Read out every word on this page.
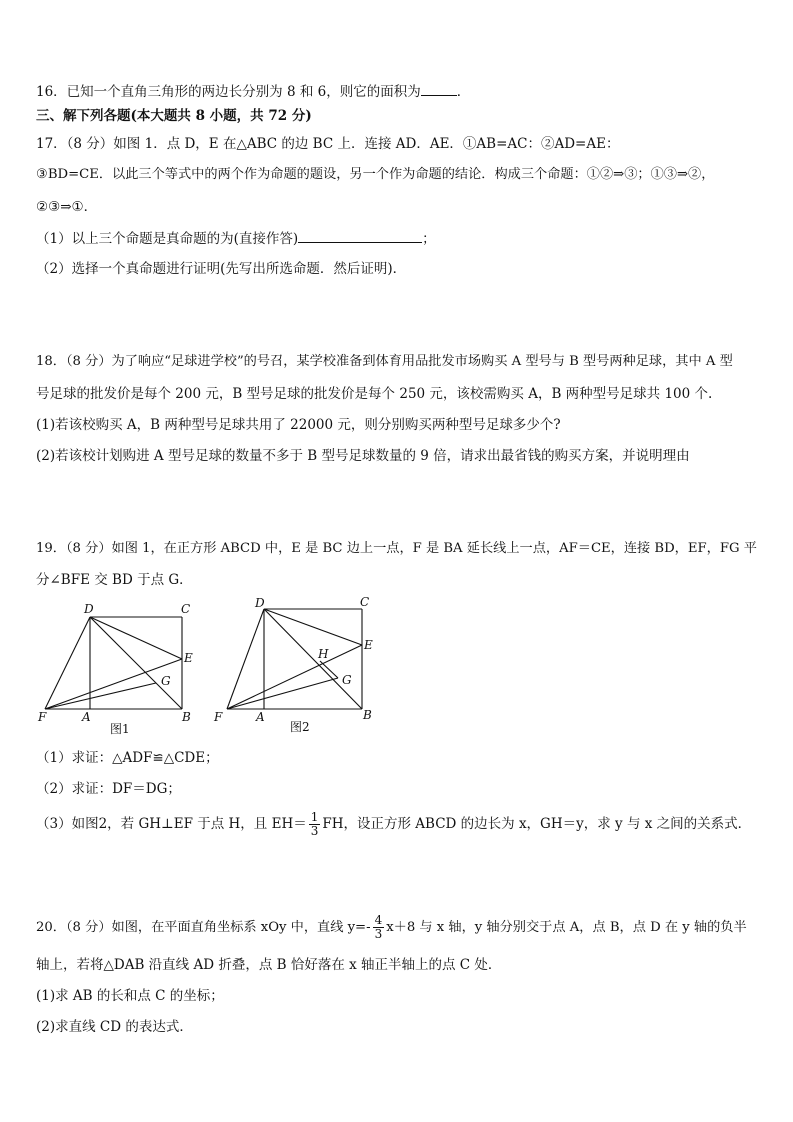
16．已知一个直角三角形的两边长分别为 8 和 6，则它的面积为	．
三、解下列各题(本大题共 8 小题，共 72 分)
17．（8 分）如图 1．点 D，E 在△ABC 的边 BC 上．连接 AD．AE．①AB=AC：②AD=AE：
③BD=CE．以此三个等式中的两个作为命题的题设，另一个作为命题的结论．构成三个命题：①②⇒③；①③⇒②，
②③⇒①．
（1）以上三个命题是真命题的为(直接作答)	；
（2）选择一个真命题进行证明(先写出所选命题．然后证明)．
18．（8 分）为了响应“足球进学校”的号召，某学校准备到体育用品批发市场购买 A 型号与 B 型号两种足球，其中 A 型
号足球的批发价是每个 200 元，B 型号足球的批发价是每个 250 元，该校需购买 A，B 两种型号足球共 100 个.
(1)若该校购买 A，B 两种型号足球共用了 22000 元，则分别购买两种型号足球多少个?
(2)若该校计划购进 A 型号足球的数量不多于 B 型号足球数量的 9 倍，请求出最省钱的购买方案，并说明理由
19．（8 分）如图 1，在正方形 ABCD 中，E 是 BC 边上一点，F 是 BA 延长线上一点，AF＝CE，连接 BD，EF，FG 平
分∠BFE 交 BD 于点 G．
D	C
E
G
F	A	B
图1
D	C
E
H
G
F	A	B
图2
（1）求证：△ADF≌△CDE；
（2）求证：DF＝DG；
（3）如图2，若 GH⊥EF 于点 H，且 $EH= \frac{1}{3}$ FH，设正方形 ABCD 的边长为 x，GH＝y，求 y 与 x 之间的关系式．
20．（8 分）如图，在平面直角坐标系 xOy 中，直线 $y=- \frac{4}{3} x+8$ 与 x 轴，y 轴分别交于点 A，点 B，点 D 在 y 轴的负半
轴上，若将△DAB 沿直线 AD 折叠，点 B 恰好落在 x 轴正半轴上的点 C 处．
(1)求 AB 的长和点 C 的坐标；
(2)求直线 CD 的表达式．
